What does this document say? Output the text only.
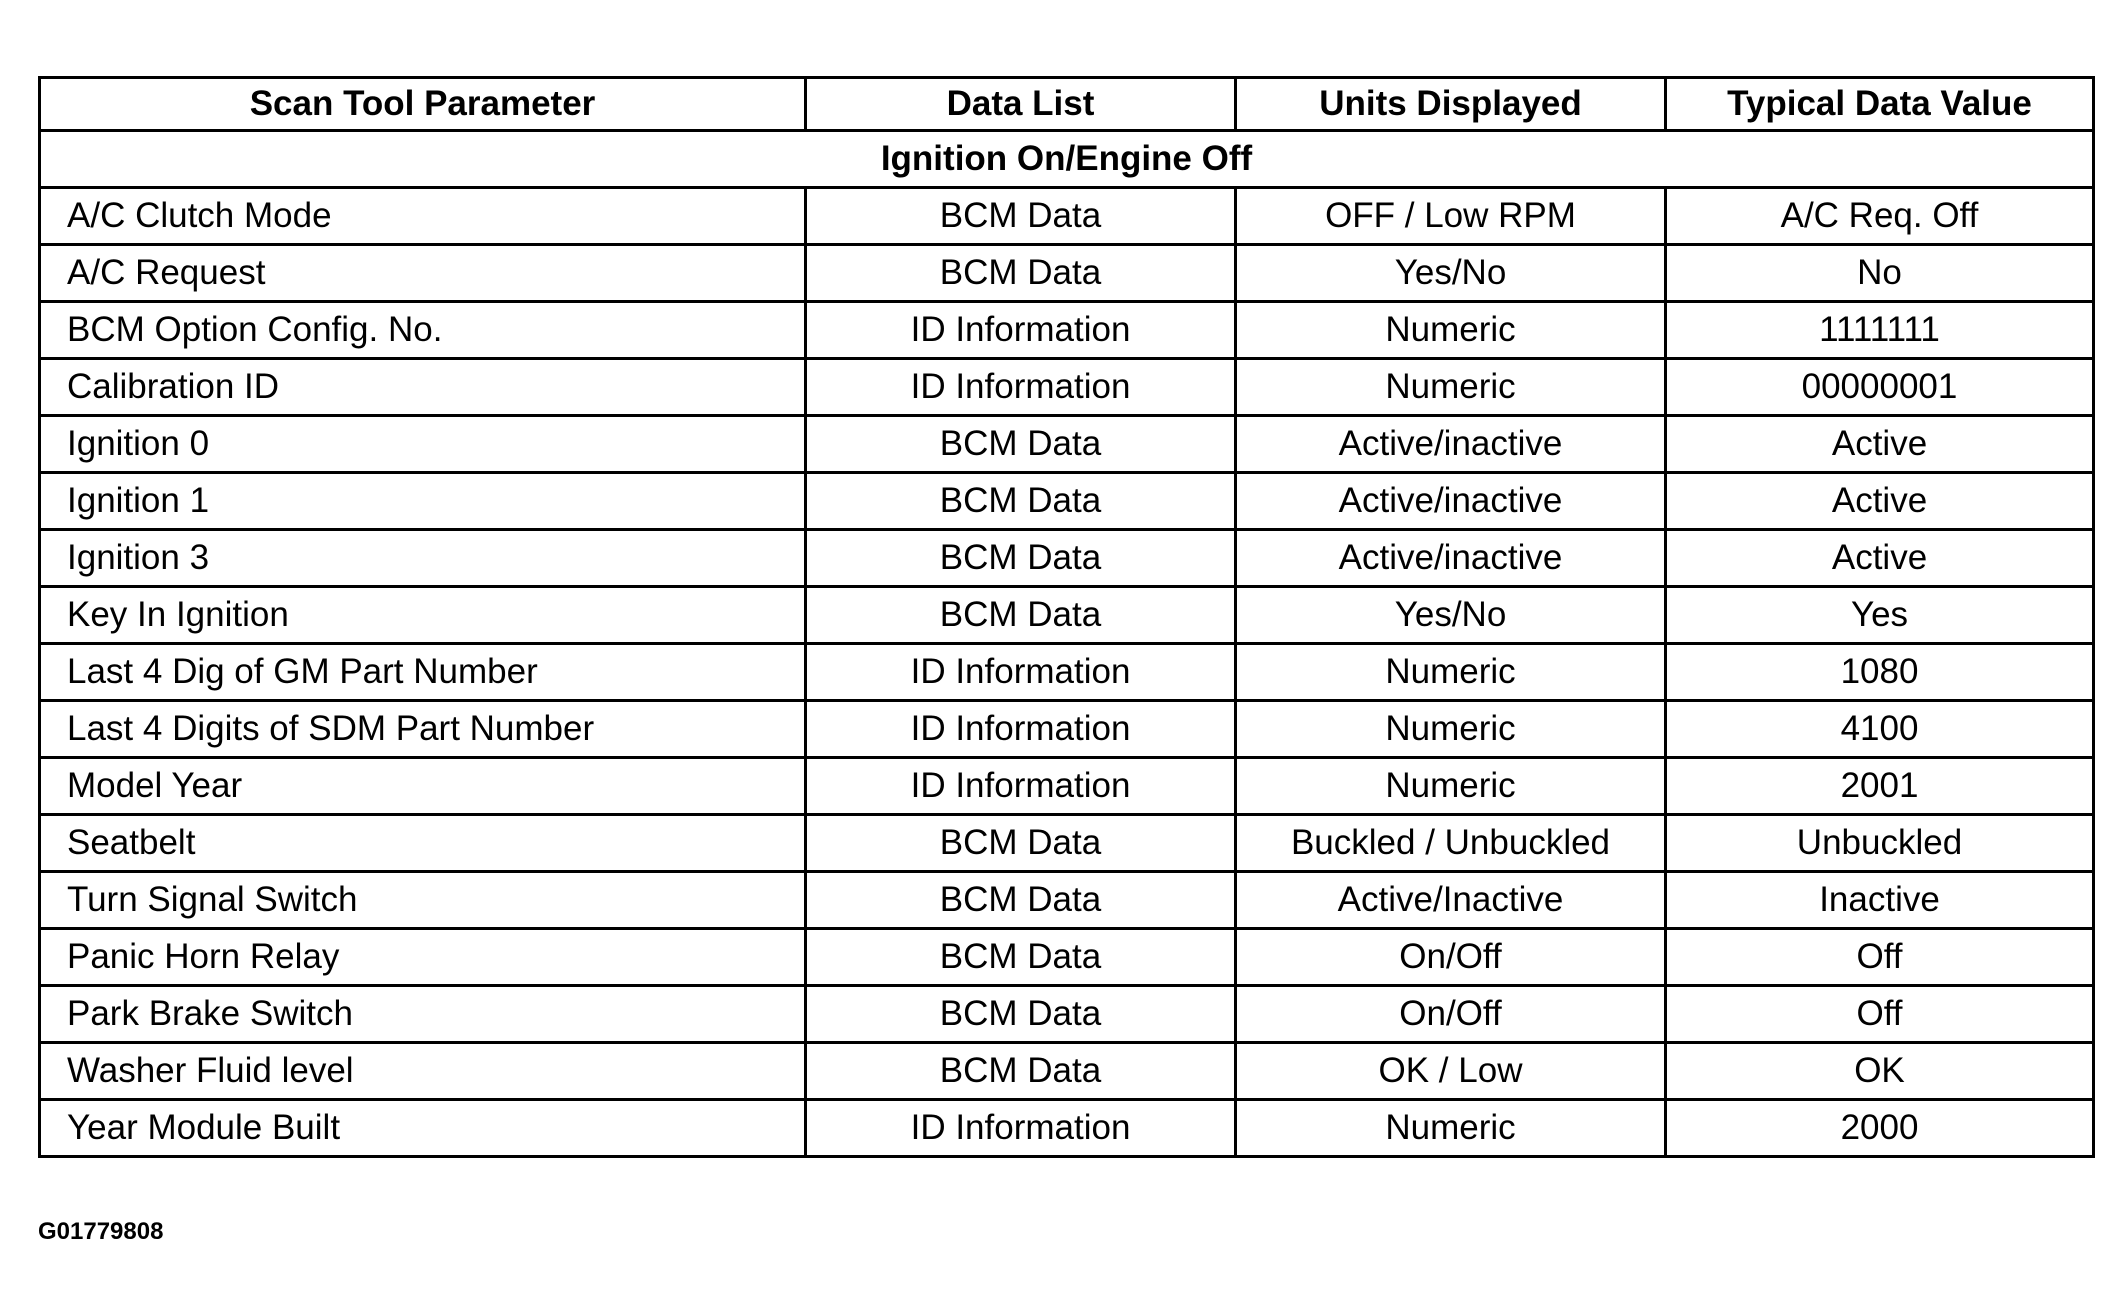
Scan Tool Parameter	Data List	Units Displayed	Typical Data Value
Ignition On/Engine Off			
A/C Clutch Mode	BCM Data	OFF / Low RPM	A/C Req. Off
A/C Request	BCM Data	Yes/No	No
BCM Option Config. No.	ID Information	Numeric	1111111
Calibration ID	ID Information	Numeric	00000001
Ignition 0	BCM Data	Active/inactive	Active
Ignition 1	BCM Data	Active/inactive	Active
Ignition 3	BCM Data	Active/inactive	Active
Key In Ignition	BCM Data	Yes/No	Yes
Last 4 Dig of GM Part Number	ID Information	Numeric	1080
Last 4 Digits of SDM Part Number	ID Information	Numeric	4100
Model Year	ID Information	Numeric	2001
Seatbelt	BCM Data	Buckled / Unbuckled	Unbuckled
Turn Signal Switch	BCM Data	Active/Inactive	Inactive
Panic Horn Relay	BCM Data	On/Off	Off
Park Brake Switch	BCM Data	On/Off	Off
Washer Fluid level	BCM Data	OK / Low	OK
Year Module Built	ID Information	Numeric	2000
G01779808
